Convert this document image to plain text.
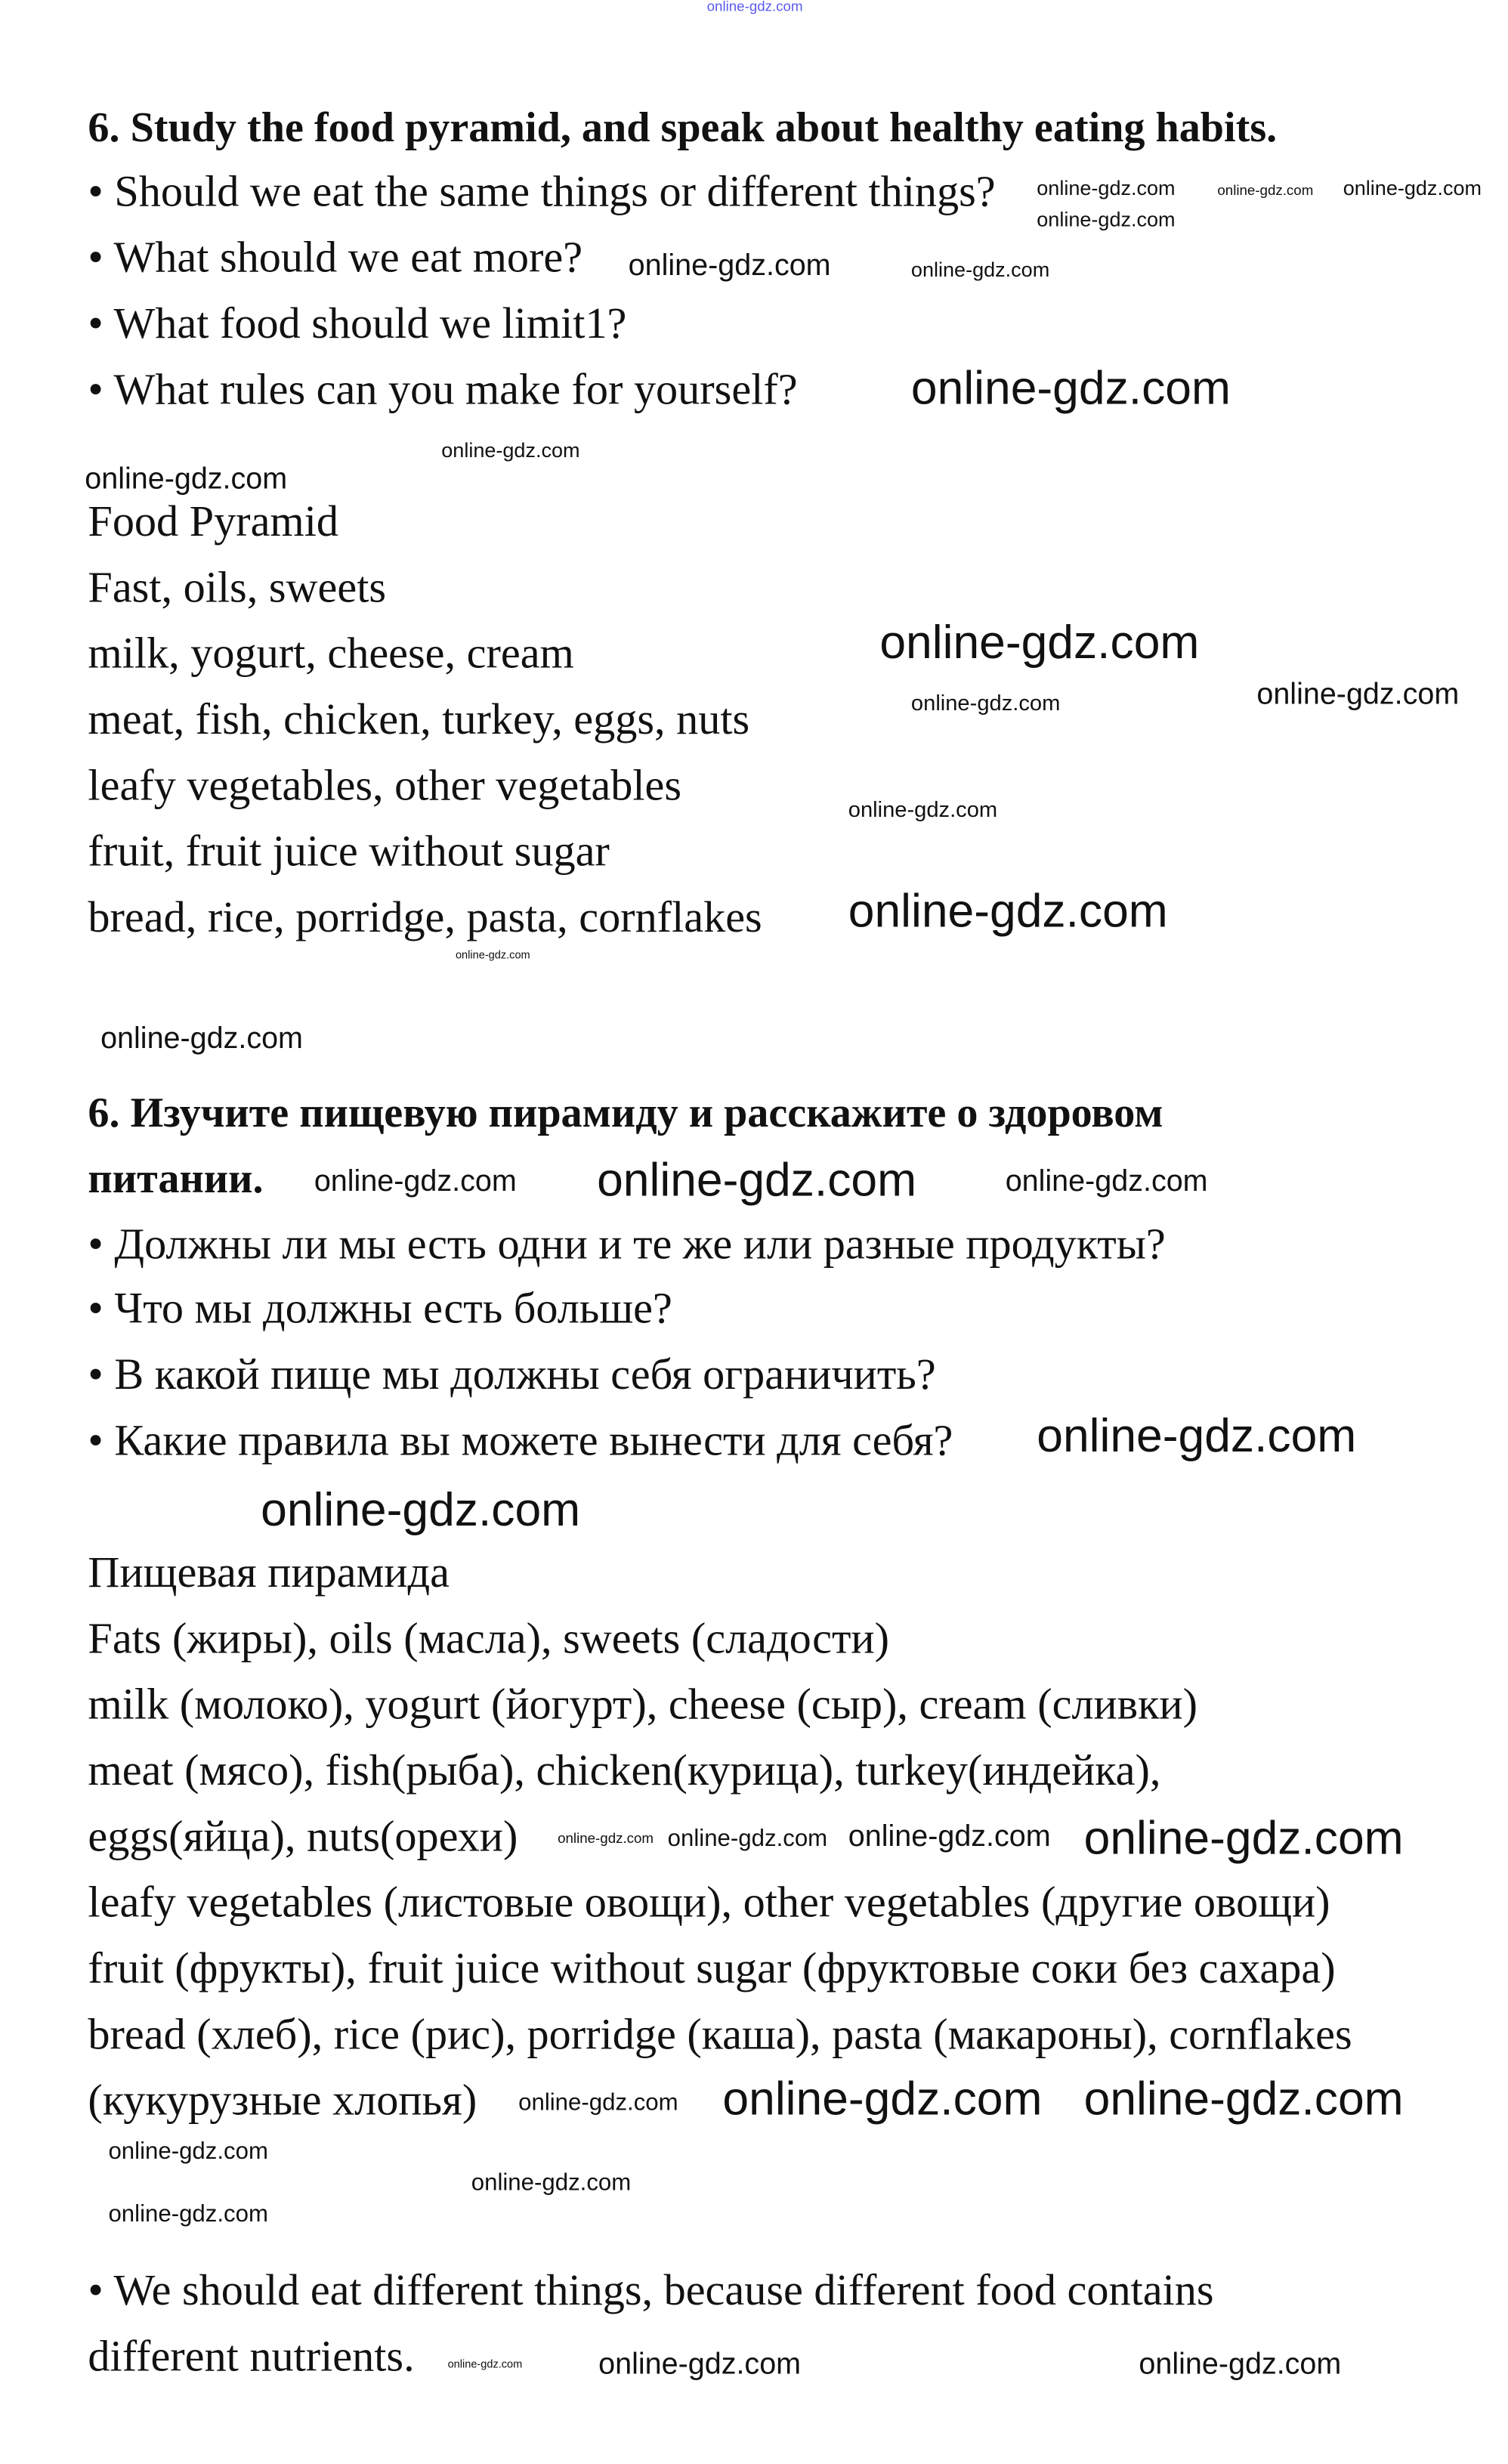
6. Study the food pyramid, and speak about healthy eating habits.
• Should we eat the same things or different things?
• What should we eat more?
• What food should we limit1?
• What rules can you make for yourself?
Food Pyramid
Fast, oils, sweets
milk, yogurt, cheese, cream
meat, fish, chicken, turkey, eggs, nuts
leafy vegetables, other vegetables
fruit, fruit juice without sugar
bread, rice, porridge, pasta, cornflakes
6. Изучите пищевую пирамиду и расскажите о здоровом
питании.
• Должны ли мы есть одни и те же или разные продукты?
• Что мы должны есть больше?
• В какой пище мы должны себя ограничить?
• Какие правила вы можете вынести для себя?
Пищевая пирамида
Fats (жиры), oils (масла), sweets (сладости)
milk (молоко), yogurt (йогурт), cheese (сыр), cream (сливки)
meat (мясо), fish(рыба), chicken(курица), turkey(индейка),
eggs(яйца), nuts(орехи)
leafy vegetables (листовые овощи), other vegetables (другие овощи)
fruit (фрукты), fruit juice without sugar (фруктовые соки без сахара)
bread (хлеб), rice (рис), porridge (каша), pasta (макароны), cornflakes
(кукурузные хлопья)
• We should eat different things, because different food contains
different nutrients.
online-gdz.com
online-gdz.com	online-gdz.com	online-gdz.com
online-gdz.com
online-gdz.com	online-gdz.com
online-gdz.com
online-gdz.com
online-gdz.com
online-gdz.com
online-gdz.com
online-gdz.com
online-gdz.com
online-gdz.com
online-gdz.com
online-gdz.com
online-gdz.com	online-gdz.com	online-gdz.com
online-gdz.com
online-gdz.com
online-gdz.com online-gdz.com online-gdz.com online-gdz.com
online-gdz.com
online-gdz.com
online-gdz.com online-gdz.com
online-gdz.com
online-gdz.com
online-gdz.com	online-gdz.com	online-gdz.com
